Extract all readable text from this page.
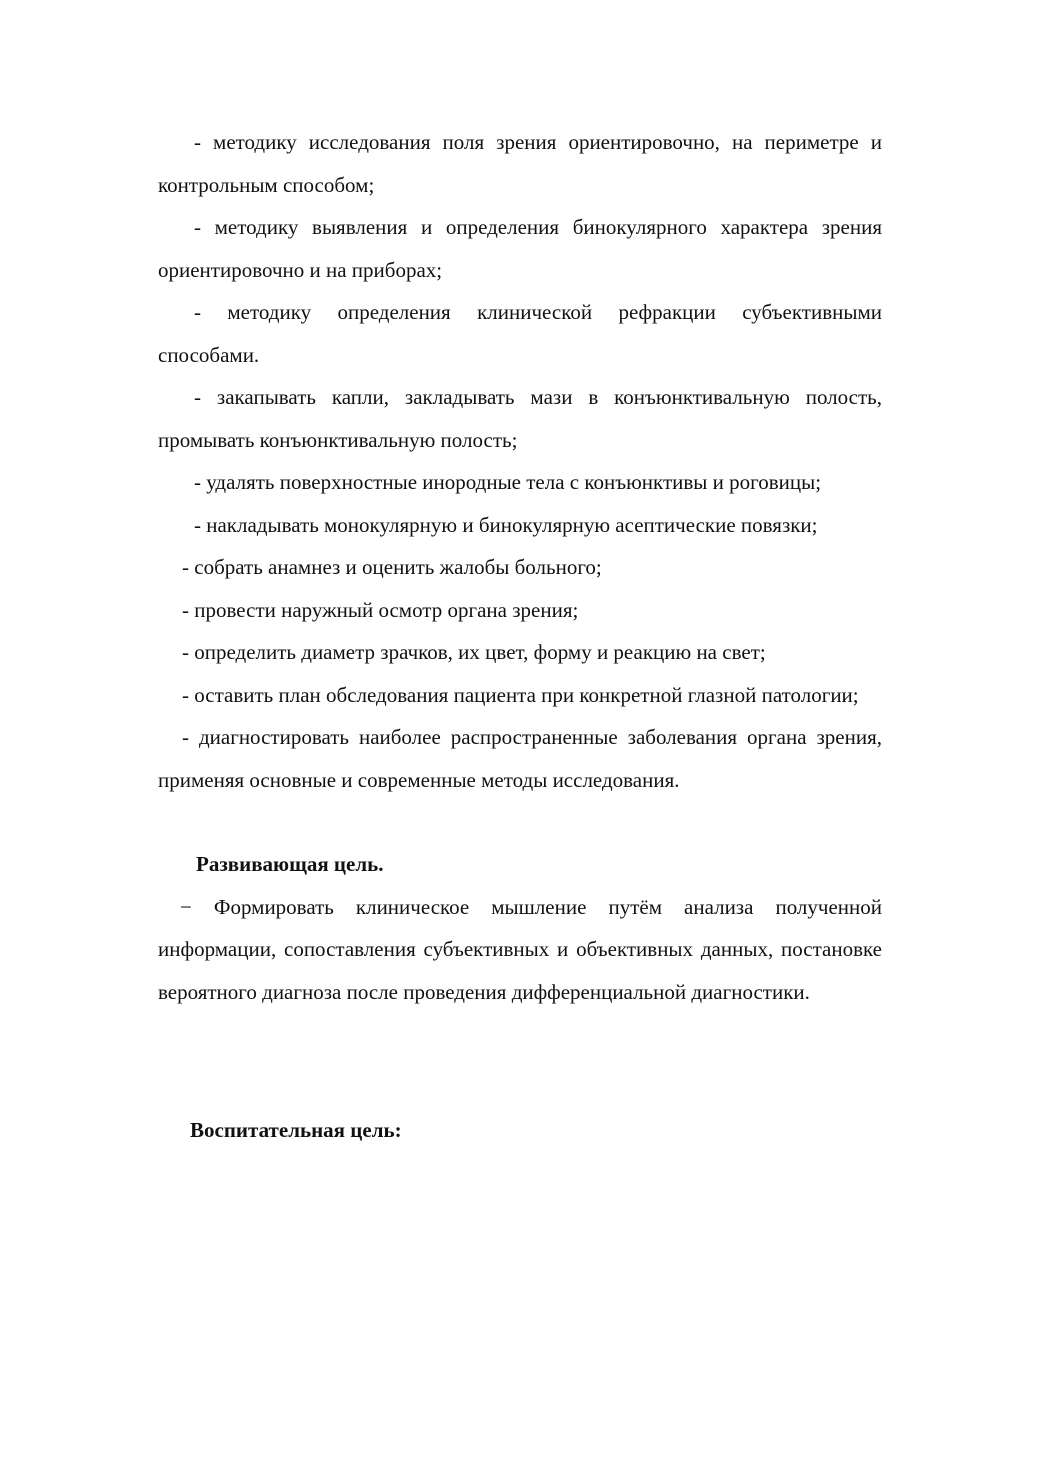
- методику исследования поля зрения ориентировочно, на периметре и контрольным способом;

- методику выявления и определения бинокулярного характера зрения ориентировочно и на приборах;

- методику определения клинической рефракции субъективными способами.

- закапывать капли, закладывать мази в конъюнктивальную полость, промывать конъюнктивальную полость;

- удалять поверхностные инородные тела с конъюнктивы и роговицы;

- накладывать монокулярную и бинокулярную асептические повязки;

- собрать анамнез и оценить жалобы больного;

- провести наружный осмотр органа зрения;

- определить диаметр зрачков, их цвет, форму и реакцию на свет;

- оставить план обследования пациента при конкретной глазной патологии;

- диагностировать наиболее распространенные заболевания органа зрения, применяя основные и современные методы исследования.

Развивающая цель.

− Формировать клиническое мышление путём анализа полученной информации, сопоставления субъективных и объективных данных, постановке вероятного диагноза после проведения дифференциальной диагностики.

Воспитательная цель:
